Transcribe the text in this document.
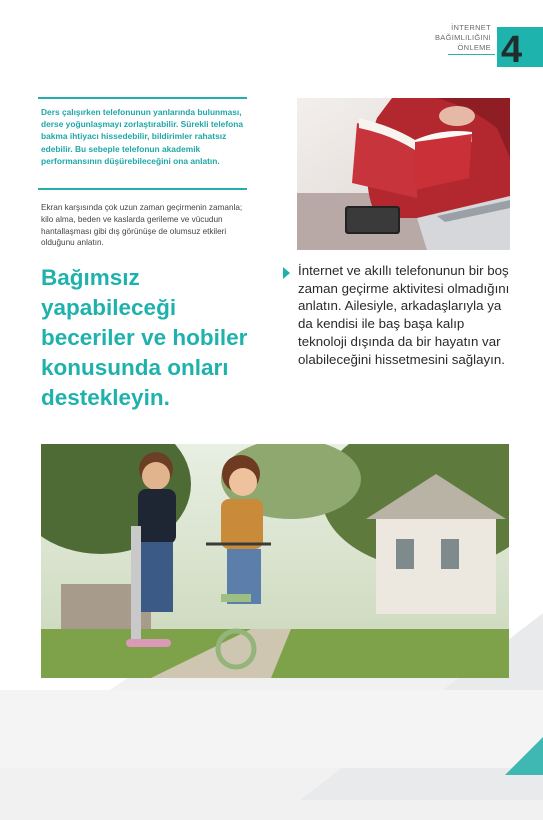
İNTERNET
BAĞIMLILIĞINI
ÖNLEME 4
Ders çalışırken telefonunun yanlarında bulunması, derse yoğunlaşmayı zorlaştırabilir. Sürekli telefona bakma ihtiyacı hissedebilir, bildirimler rahatsız edebilir. Bu sebeple telefonun akademik performansının düşürebileceğini ona anlatın.
Ekran karşısında çok uzun zaman geçirmenin zamanla; kilo alma, beden ve kaslarda gerileme ve vücudun hantallaşması gibi dış görünüşe de olumsuz etkileri olduğunu anlatın.
Bağımsız yapabileceği beceriler ve hobiler konusunda onları destekleyin.
İnternet ve akıllı telefonunun bir boş zaman geçirme aktivitesi olmadığını anlatın. Ailesiyle, arkadaşlarıyla ya da kendisi ile baş başa kalıp teknoloji dışında da bir hayatın var olabileceğini hissetmesini sağlayın.
